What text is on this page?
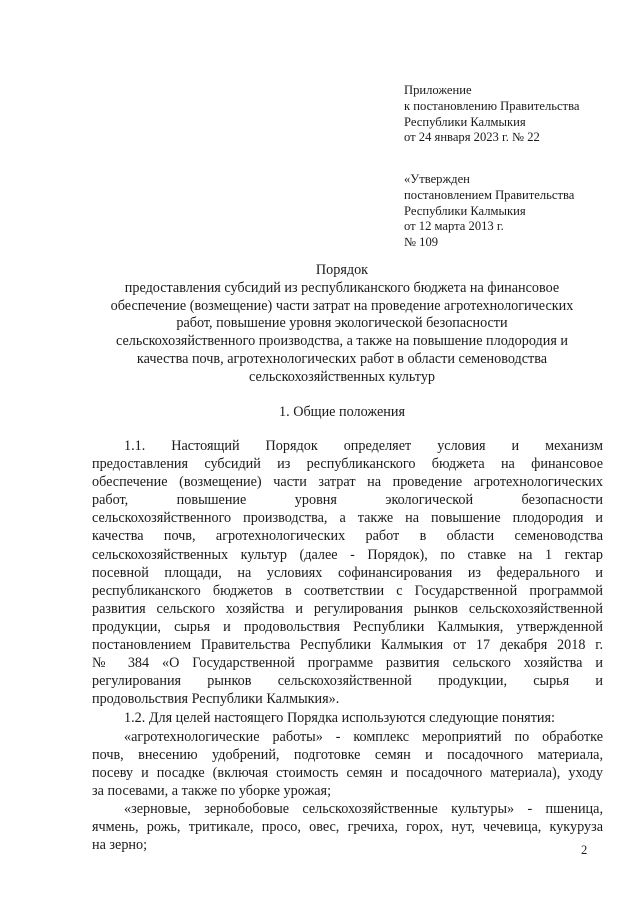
Приложение
к постановлению Правительства
Республики Калмыкия
от 24 января 2023 г. № 22
«Утвержден
постановлением Правительства
Республики Калмыкия
от 12 марта 2013 г.
№ 109
Порядок
предоставления субсидий из республиканского бюджета на финансовое
обеспечение (возмещение) части затрат на проведение агротехнологических
работ, повышение уровня экологической безопасности
сельскохозяйственного производства, а также на повышение плодородия и
качества почв, агротехнологических работ в области семеноводства
сельскохозяйственных культур
1. Общие положения
1.1. Настоящий Порядок определяет условия и механизм
предоставления субсидий из республиканского бюджета на финансовое
обеспечение (возмещение) части затрат на проведение агротехнологических
работ, повышение уровня экологической безопасности
сельскохозяйственного производства, а также на повышение плодородия и
качества почв, агротехнологических работ в области семеноводства
сельскохозяйственных культур (далее - Порядок), по ставке на 1 гектар
посевной площади, на условиях софинансирования из федерального и
республиканского бюджетов в соответствии с Государственной программой
развития сельского хозяйства и регулирования рынков сельскохозяйственной
продукции, сырья и продовольствия Республики Калмыкия, утвержденной
постановлением Правительства Республики Калмыкия от 17 декабря 2018 г.
№ 384 «О Государственной программе развития сельского хозяйства и
регулирования рынков сельскохозяйственной продукции, сырья и
продовольствия Республики Калмыкия».
1.2. Для целей настоящего Порядка используются следующие понятия:
«агротехнологические работы» - комплекс мероприятий по обработке
почв, внесению удобрений, подготовке семян и посадочного материала,
посеву и посадке (включая стоимость семян и посадочного материала), уходу
за посевами, а также по уборке урожая;
«зерновые, зернобобовые сельскохозяйственные культуры» - пшеница,
ячмень, рожь, тритикале, просо, овес, гречиха, горох, нут, чечевица, кукуруза
на зерно;	2
